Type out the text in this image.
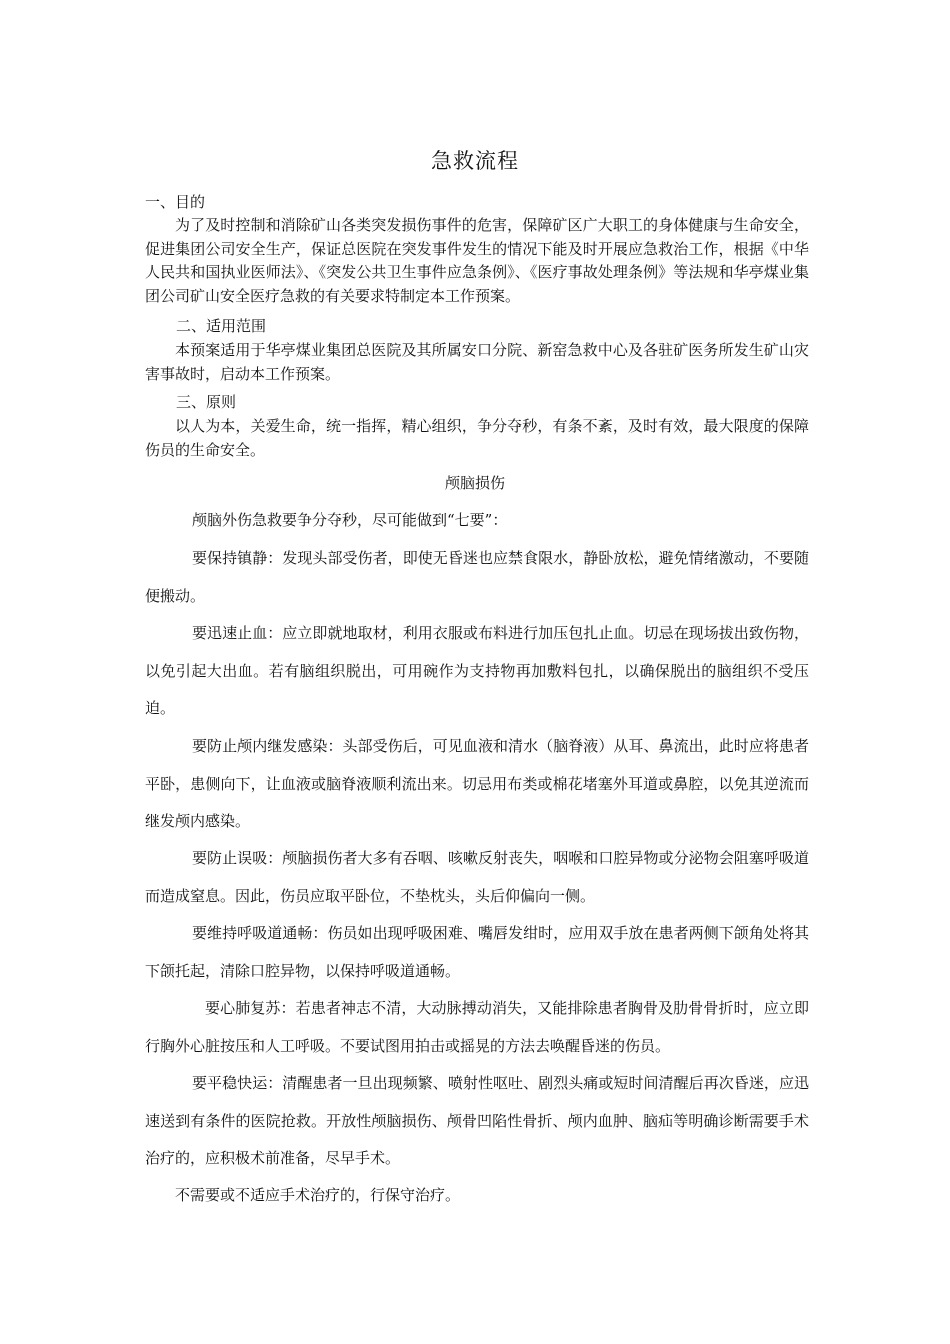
急救流程
一、目的

为了及时控制和消除矿山各类突发损伤事件的危害，保障矿区广大职工的身体健康与生命安全，促进集团公司安全生产，保证总医院在突发事件发生的情况下能及时开展应急救治工作，根据《中华人民共和国执业医师法》、《突发公共卫生事件应急条例》、《医疗事故处理条例》等法规和华亭煤业集团公司矿山安全医疗急救的有关要求特制定本工作预案。

二、适用范围

本预案适用于华亭煤业集团总医院及其所属安口分院、新窑急救中心及各驻矿医务所发生矿山灾害事故时，启动本工作预案。

三、原则

以人为本，关爱生命，统一指挥，精心组织，争分夺秒，有条不紊，及时有效，最大限度的保障伤员的生命安全。

颅脑损伤

颅脑外伤急救要争分夺秒，尽可能做到“七要”：

要保持镇静：发现头部受伤者，即使无昏迷也应禁食限水，静卧放松，避免情绪激动，不要随便搬动。

要迅速止血：应立即就地取材，利用衣服或布料进行加压包扎止血。切忌在现场拔出致伤物，以免引起大出血。若有脑组织脱出，可用碗作为支持物再加敷料包扎，以确保脱出的脑组织不受压迫。

要防止颅内继发感染：头部受伤后，可见血液和清水（脑脊液）从耳、鼻流出，此时应将患者平卧，患侧向下，让血液或脑脊液顺利流出来。切忌用布类或棉花堵塞外耳道或鼻腔，以免其逆流而继发颅内感染。

要防止误吸：颅脑损伤者大多有吞咽、咳嗽反射丧失，咽喉和口腔异物或分泌物会阻塞呼吸道而造成窒息。因此，伤员应取平卧位，不垫枕头，头后仰偏向一侧。

要维持呼吸道通畅：伤员如出现呼吸困难、嘴唇发绀时，应用双手放在患者两侧下颌角处将其下颌托起，清除口腔异物，以保持呼吸道通畅。

要心肺复苏：若患者神志不清，大动脉搏动消失，又能排除患者胸骨及肋骨骨折时，应立即行胸外心脏按压和人工呼吸。不要试图用拍击或摇晃的方法去唤醒昏迷的伤员。

要平稳快运：清醒患者一旦出现频繁、喷射性呕吐、剧烈头痛或短时间清醒后再次昏迷，应迅速送到有条件的医院抢救。开放性颅脑损伤、颅骨凹陷性骨折、颅内血肿、脑疝等明确诊断需要手术治疗的，应积极术前准备，尽早手术。

不需要或不适应手术治疗的，行保守治疗。
